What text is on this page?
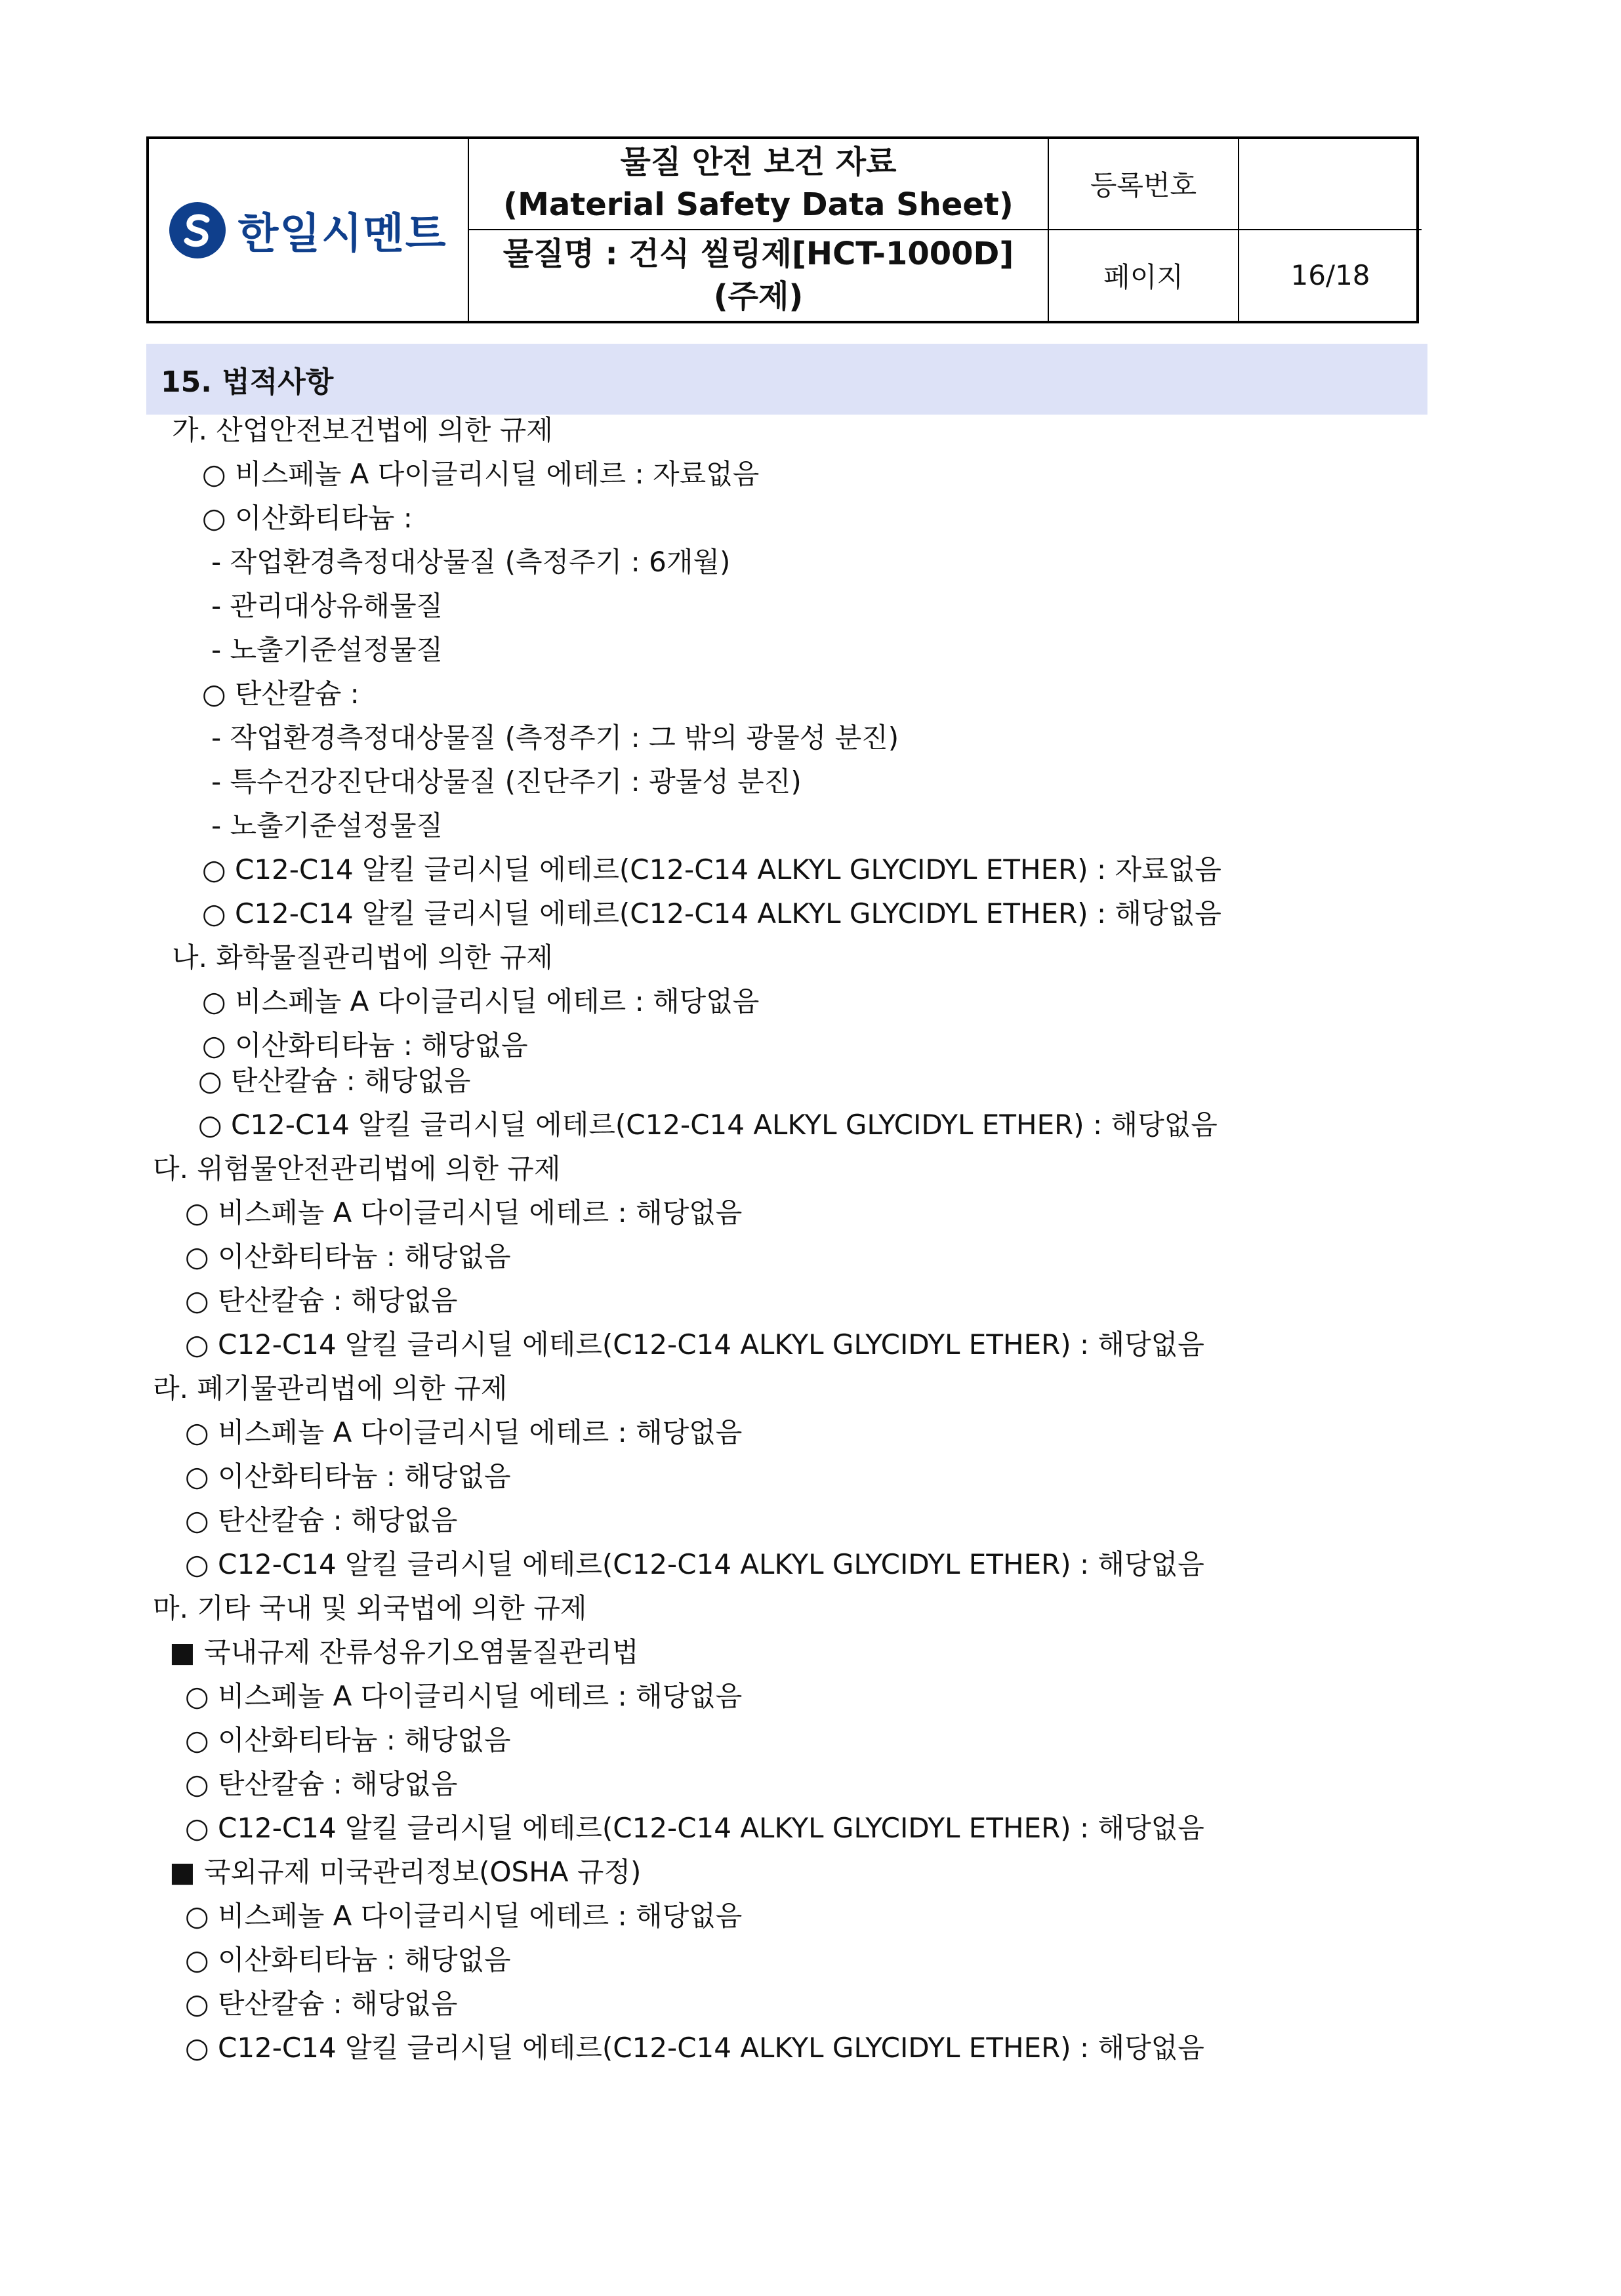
한일시멘트
물질 안전 보건 자료
(Material Safety Data Sheet)
등록번호
물질명 : 건식 씰링제[HCT-1000D]
(주제)
페이지	16/18
15. 법적사항
가. 산업안전보건법에 의한 규제
○ 비스페놀 A 다이글리시딜 에테르 : 자료없음
○ 이산화티타늄 :
- 작업환경측정대상물질 (측정주기 : 6개월)
- 관리대상유해물질
- 노출기준설정물질
○ 탄산칼슘 :
- 작업환경측정대상물질 (측정주기 : 그 밖의 광물성 분진)
- 특수건강진단대상물질 (진단주기 : 광물성 분진)
- 노출기준설정물질
○ C12-C14 알킬 글리시딜 에테르(C12-C14 ALKYL GLYCIDYL ETHER) : 자료없음
○ C12-C14 알킬 글리시딜 에테르(C12-C14 ALKYL GLYCIDYL ETHER) : 해당없음
나. 화학물질관리법에 의한 규제
○ 비스페놀 A 다이글리시딜 에테르 : 해당없음
○ 이산화티타늄 : 해당없음
○ 탄산칼슘 : 해당없음
○ C12-C14 알킬 글리시딜 에테르(C12-C14 ALKYL GLYCIDYL ETHER) : 해당없음
다. 위험물안전관리법에 의한 규제
○ 비스페놀 A 다이글리시딜 에테르 : 해당없음
○ 이산화티타늄 : 해당없음
○ 탄산칼슘 : 해당없음
○ C12-C14 알킬 글리시딜 에테르(C12-C14 ALKYL GLYCIDYL ETHER) : 해당없음
라. 폐기물관리법에 의한 규제
○ 비스페놀 A 다이글리시딜 에테르 : 해당없음
○ 이산화티타늄 : 해당없음
○ 탄산칼슘 : 해당없음
○ C12-C14 알킬 글리시딜 에테르(C12-C14 ALKYL GLYCIDYL ETHER) : 해당없음
마. 기타 국내 및 외국법에 의한 규제
■ 국내규제 잔류성유기오염물질관리법
○ 비스페놀 A 다이글리시딜 에테르 : 해당없음
○ 이산화티타늄 : 해당없음
○ 탄산칼슘 : 해당없음
○ C12-C14 알킬 글리시딜 에테르(C12-C14 ALKYL GLYCIDYL ETHER) : 해당없음
■ 국외규제 미국관리정보(OSHA 규정)
○ 비스페놀 A 다이글리시딜 에테르 : 해당없음
○ 이산화티타늄 : 해당없음
○ 탄산칼슘 : 해당없음
○ C12-C14 알킬 글리시딜 에테르(C12-C14 ALKYL GLYCIDYL ETHER) : 해당없음
